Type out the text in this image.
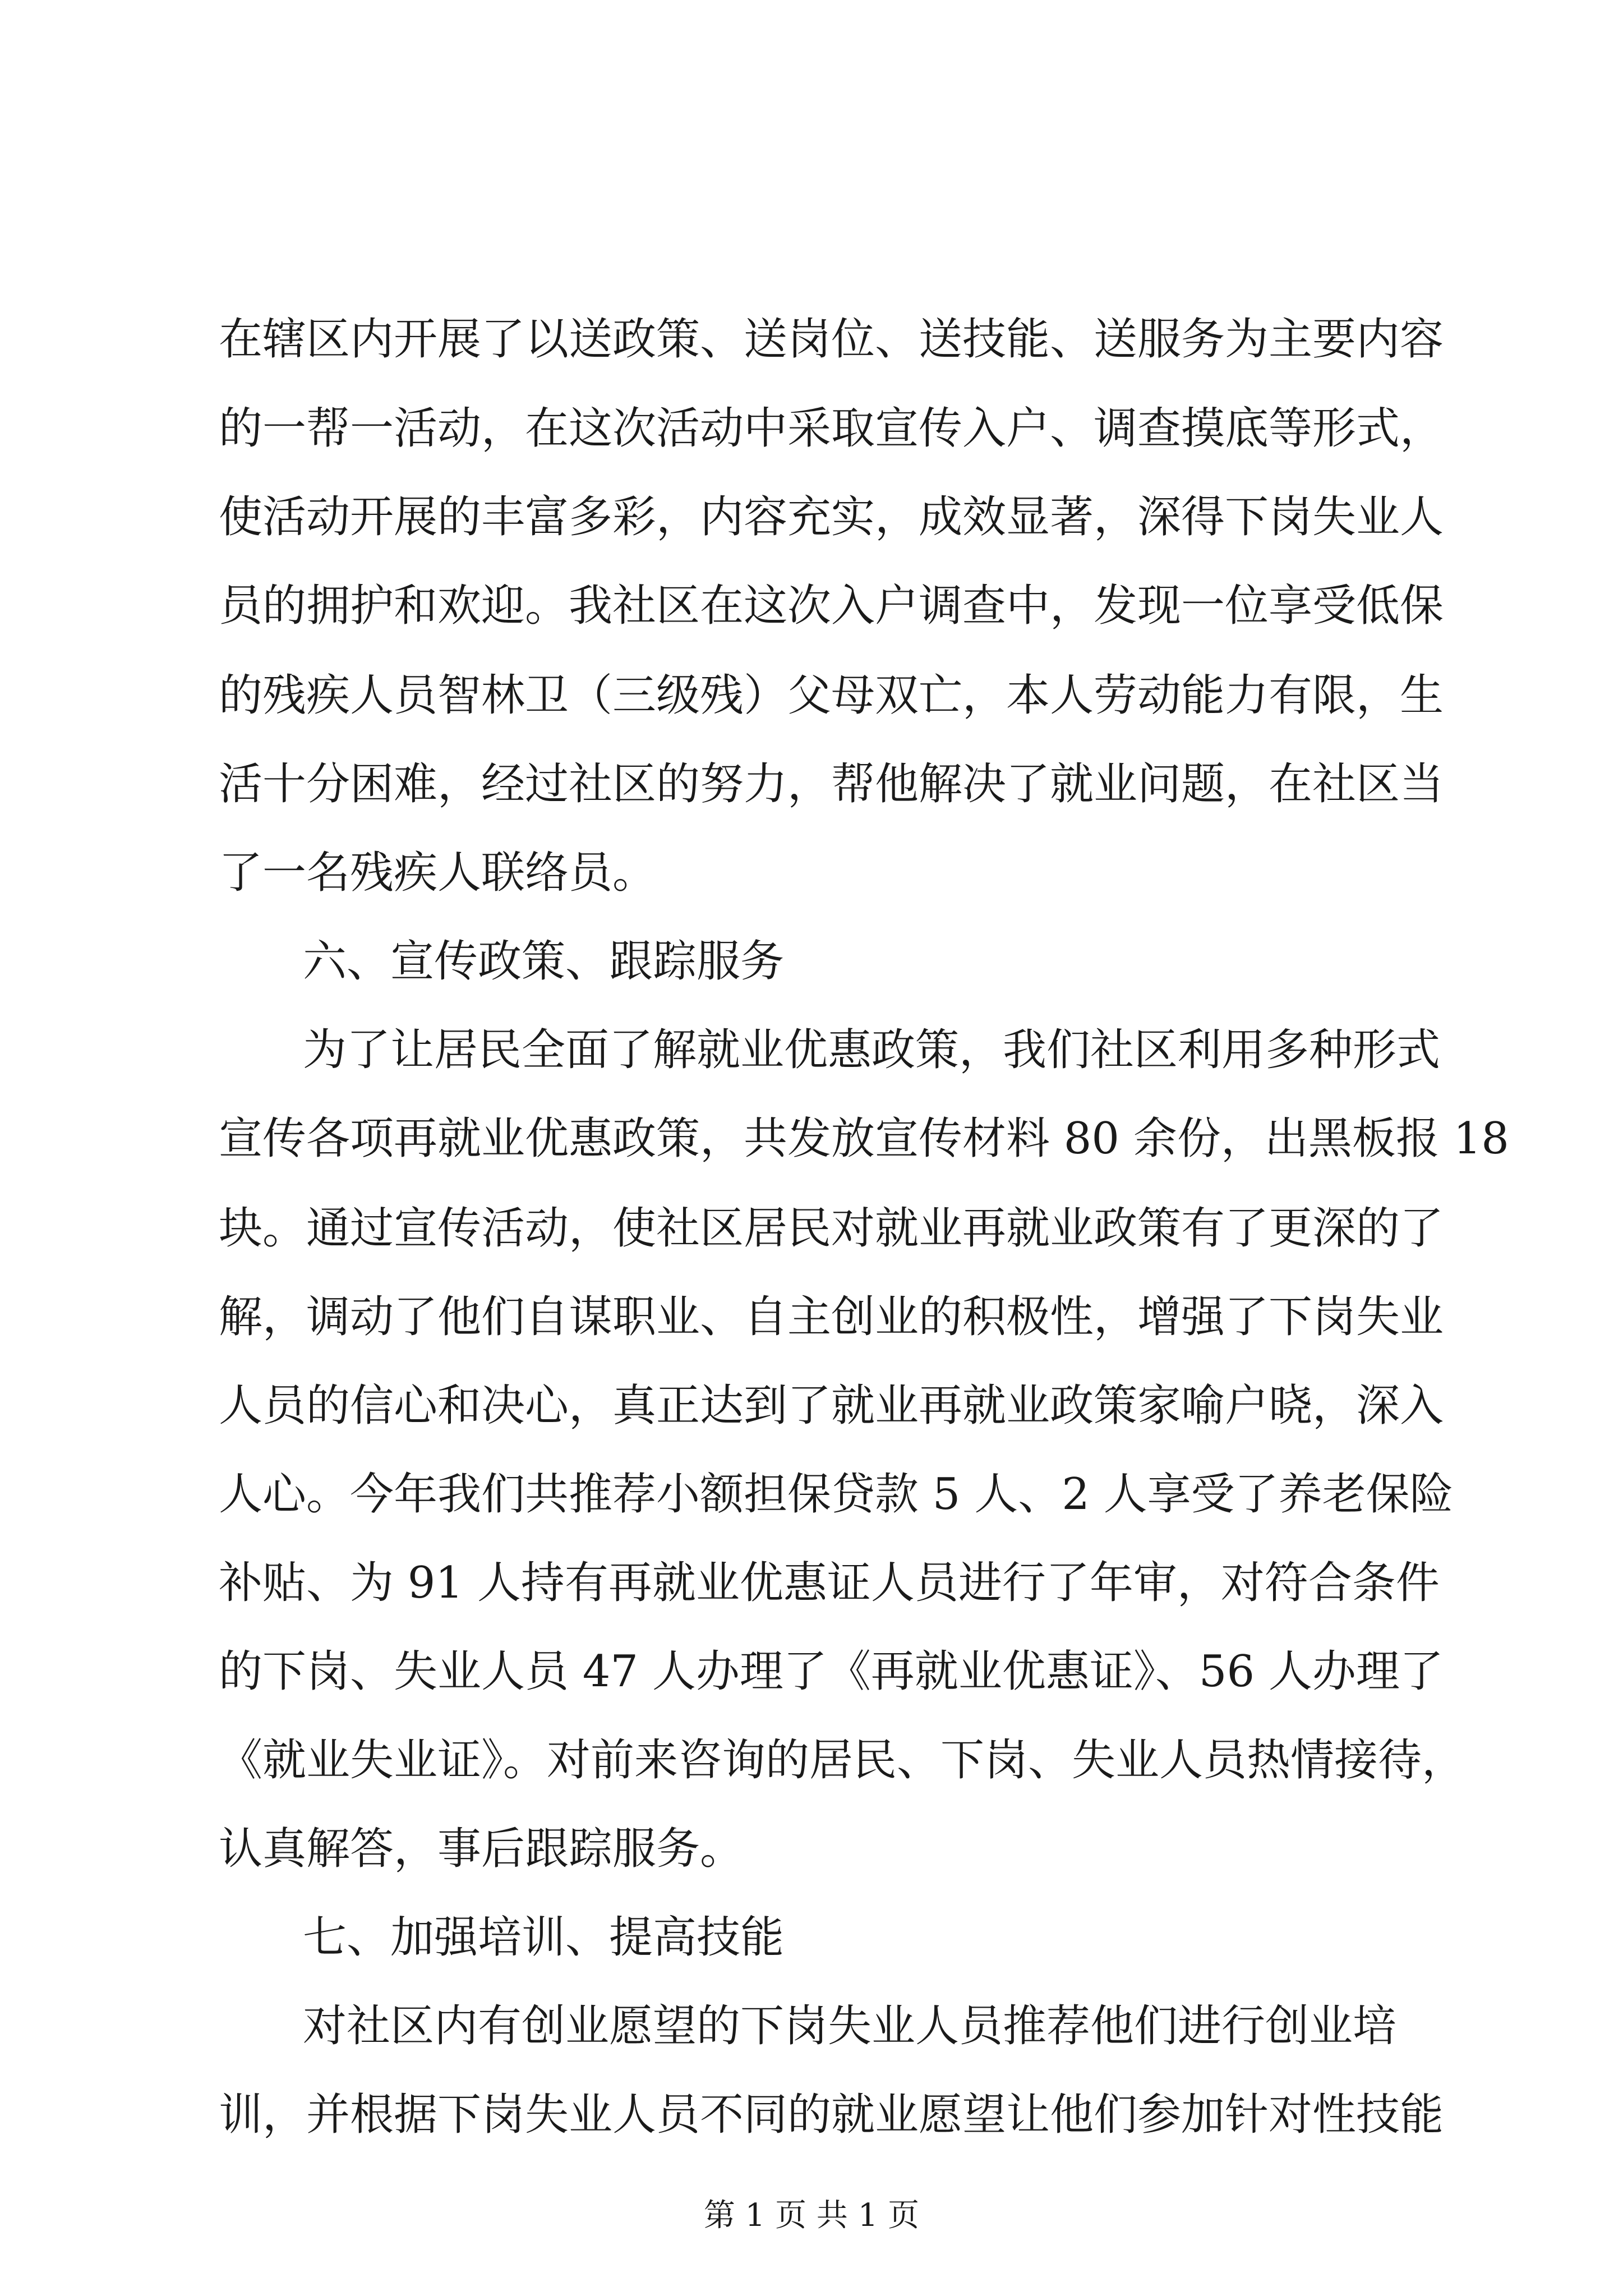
在辖区内开展了以送政策、送岗位、送技能、送服务为主要内容
的一帮一活动，在这次活动中采取宣传入户、调查摸底等形式，
使活动开展的丰富多彩，内容充实，成效显著，深得下岗失业人
员的拥护和欢迎。我社区在这次入户调查中，发现一位享受低保
的残疾人员智林卫（三级残）父母双亡，本人劳动能力有限，生
活十分困难，经过社区的努力，帮他解决了就业问题，在社区当
了一名残疾人联络员。
六、宣传政策、跟踪服务
为了让居民全面了解就业优惠政策，我们社区利用多种形式
宣传各项再就业优惠政策，共发放宣传材料 80 余份，出黑板报 18
块。通过宣传活动，使社区居民对就业再就业政策有了更深的了
解，调动了他们自谋职业、自主创业的积极性，增强了下岗失业
人员的信心和决心，真正达到了就业再就业政策家喻户晓，深入
人心。今年我们共推荐小额担保贷款 5 人、2 人享受了养老保险
补贴、为 91 人持有再就业优惠证人员进行了年审，对符合条件
的下岗、失业人员 47 人办理了《再就业优惠证》、56 人办理了
《就业失业证》。对前来咨询的居民、下岗、失业人员热情接待，
认真解答，事后跟踪服务。
七、加强培训、提高技能
对社区内有创业愿望的下岗失业人员推荐他们进行创业培
训，并根据下岗失业人员不同的就业愿望让他们参加针对性技能
第 1 页 共 1 页
